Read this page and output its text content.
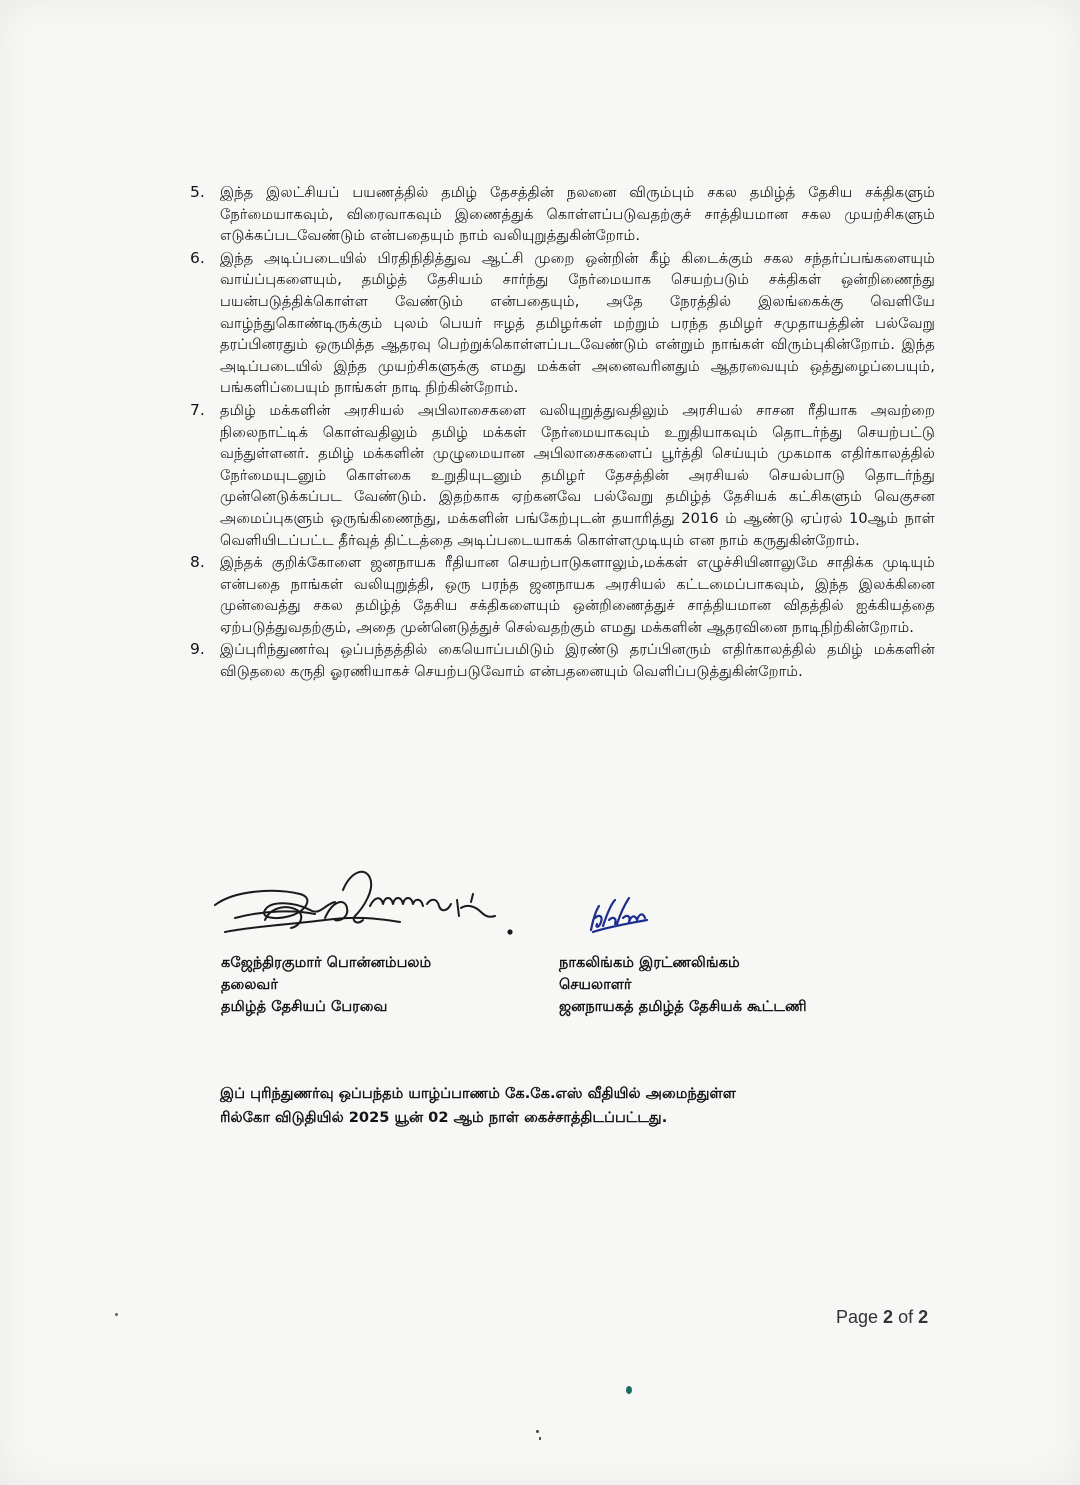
5.	இந்த இலட்சியப் பயணத்தில் தமிழ் தேசத்தின் நலனை விரும்பும் சகல தமிழ்த் தேசிய சக்திகளும் நேர்மையாகவும், விரைவாகவும் இணைத்துக் கொள்ளப்படுவதற்குச் சாத்தியமான சகல முயற்சிகளும் எடுக்கப்படவேண்டும் என்பதையும் நாம் வலியுறுத்துகின்றோம்.
6.	இந்த அடிப்படையில் பிரதிநிதித்துவ ஆட்சி முறை ஒன்றின் கீழ் கிடைக்கும் சகல சந்தர்ப்பங்களையும் வாய்ப்புகளையும், தமிழ்த் தேசியம் சார்ந்து நேர்மையாக செயற்படும் சக்திகள் ஒன்றிணைந்து பயன்படுத்திக்கொள்ள வேண்டும் என்பதையும், அதே நேரத்தில் இலங்கைக்கு வெளியே வாழ்ந்துகொண்டிருக்கும் புலம் பெயர் ஈழத் தமிழர்கள் மற்றும் பரந்த தமிழர் சமுதாயத்தின் பல்வேறு தரப்பினரதும் ஒருமித்த ஆதரவு பெற்றுக்கொள்ளப்படவேண்டும் என்றும் நாங்கள் விரும்புகின்றோம். இந்த அடிப்படையில் இந்த முயற்சிகளுக்கு எமது மக்கள் அனைவரினதும் ஆதரவையும் ஒத்துழைப்பையும், பங்களிப்பையும் நாங்கள் நாடி நிற்கின்றோம்.
7.	தமிழ் மக்களின் அரசியல் அபிலாசைகளை வலியுறுத்துவதிலும் அரசியல் சாசன ரீதியாக அவற்றை நிலைநாட்டிக் கொள்வதிலும் தமிழ் மக்கள் நேர்மையாகவும் உறுதியாகவும் தொடர்ந்து செயற்பட்டு வந்துள்ளனர். தமிழ் மக்களின் முழுமையான அபிலாசைகளைப் பூர்த்தி செய்யும் முகமாக எதிர்காலத்தில் நேர்மையுடனும் கொள்கை உறுதியுடனும் தமிழர் தேசத்தின் அரசியல் செயல்பாடு தொடர்ந்து முன்னெடுக்கப்பட வேண்டும். இதற்காக ஏற்கனவே பல்வேறு தமிழ்த் தேசியக் கட்சிகளும் வெகுசன அமைப்புகளும் ஒருங்கிணைந்து, மக்களின் பங்கேற்புடன் தயாரித்து 2016 ம் ஆண்டு ஏப்ரல் 10ஆம் நாள் வெளியிடப்பட்ட தீர்வுத் திட்டத்தை அடிப்படையாகக் கொள்ளமுடியும் என நாம் கருதுகின்றோம்.
8.	இந்தக் குறிக்கோளை ஜனநாயக ரீதியான செயற்பாடுகளாலும்,மக்கள் எழுச்சியினாலுமே சாதிக்க முடியும் என்பதை நாங்கள் வலியுறுத்தி, ஒரு பரந்த ஜனநாயக அரசியல் கட்டமைப்பாகவும், இந்த இலக்கினை முன்வைத்து சகல தமிழ்த் தேசிய சக்திகளையும் ஒன்றிணைத்துச் சாத்தியமான விதத்தில் ஐக்கியத்தை ஏற்படுத்துவதற்கும், அதை முன்னெடுத்துச் செல்வதற்கும் எமது மக்களின் ஆதரவினை நாடிநிற்கின்றோம்.
9.	இப்புரிந்துணர்வு ஒப்பந்தத்தில் கையொப்பமிடும் இரண்டு தரப்பினரும் எதிர்காலத்தில் தமிழ் மக்களின் விடுதலை கருதி ஓரணியாகச் செயற்படுவோம் என்பதனையும் வெளிப்படுத்துகின்றோம்.
கஜேந்திரகுமார் பொன்னம்பலம்
தலைவர்
தமிழ்த் தேசியப் பேரவை
நாகலிங்கம் இரட்ணலிங்கம்
செயலாளர்
ஜனநாயகத் தமிழ்த் தேசியக் கூட்டணி
இப் புரிந்துணர்வு ஒப்பந்தம் யாழ்ப்பாணம் கே.கே.எஸ் வீதியில் அமைந்துள்ள
ரில்கோ விடுதியில் 2025 யூன் 02 ஆம் நாள் கைச்சாத்திடப்பட்டது.
Page 2 of 2
